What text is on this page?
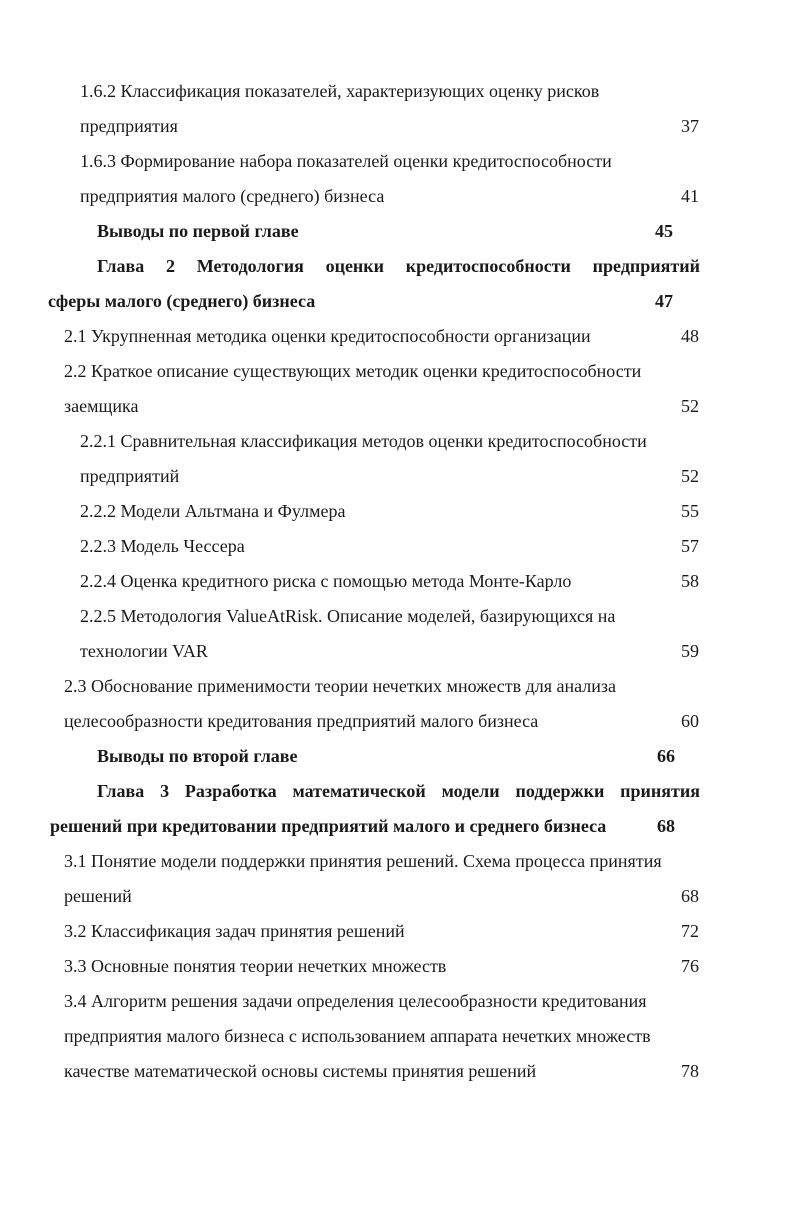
1.6.2 Классификация показателей, характеризующих оценку рисков

предприятия	37

1.6.3 Формирование набора показателей оценки кредитоспособности

предприятия малого (среднего) бизнеса	41

Выводы по первой главе	45

Глава 2 Методология оценки кредитоспособности предприятий

сферы малого (среднего) бизнеса	47

2.1 Укрупненная методика оценки кредитоспособности организации	48

2.2 Краткое описание существующих методик оценки кредитоспособности

заемщика	52

2.2.1 Сравнительная классификация методов оценки кредитоспособности

предприятий	52

2.2.2 Модели Альтмана и Фулмера	55

2.2.3 Модель Чессера	57

2.2.4 Оценка кредитного риска с помощью метода Монте-Карло	58

2.2.5 Методология ValueAtRisk. Описание моделей, базирующихся на

технологии VAR	59

2.3 Обоснование применимости теории нечетких множеств для анализа

целесообразности кредитования предприятий малого бизнеса	60

Выводы по второй главе	66

Глава 3 Разработка математической модели поддержки принятия

решений при кредитовании предприятий малого и среднего бизнеса	68

3.1 Понятие модели поддержки принятия решений. Схема процесса принятия

решений	68

3.2 Классификация задач принятия решений	72

3.3 Основные понятия теории нечетких множеств	76

3.4 Алгоритм решения задачи определения целесообразности кредитования

предприятия малого бизнеса с использованием аппарата нечетких множеств

качестве математической основы системы принятия решений	78
